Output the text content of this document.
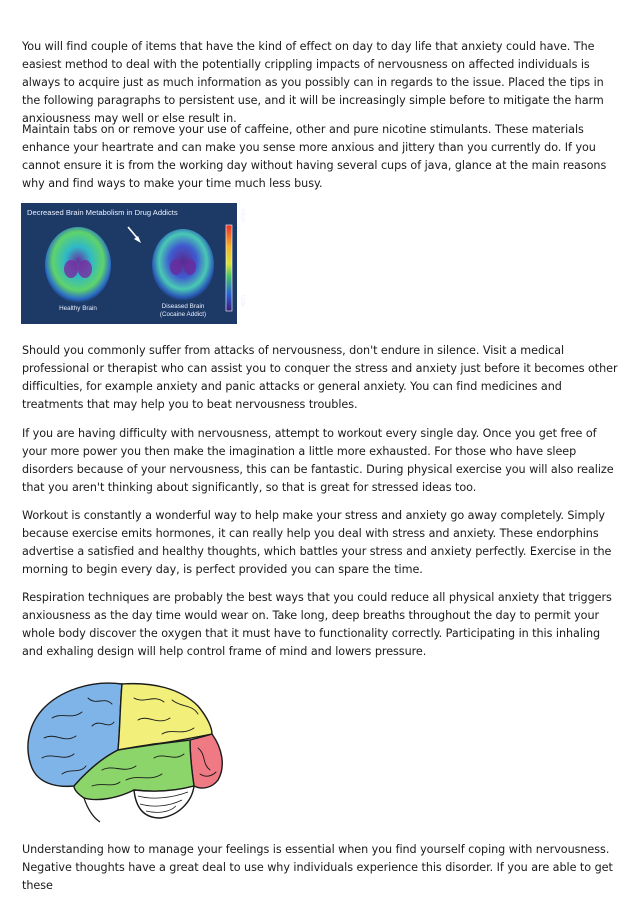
You will find couple of items that have the kind of effect on day to day life that anxiety could have. The easiest method to deal with the potentially crippling impacts of nervousness on affected individuals is always to acquire just as much information as you possibly can in regards to the issue. Placed the tips in the following paragraphs to persistent use, and it will be increasingly simple before to mitigate the harm anxiousness may well or else result in.

Maintain tabs on or remove your use of caffeine, other and pure nicotine stimulants. These materials enhance your heartrate and can make you sense more anxious and jittery than you currently do. If you cannot ensure it is from the working day without having several cups of java, glance at the main reasons why and find ways to make your time much less busy.

Should you commonly suffer from attacks of nervousness, don't endure in silence. Visit a medical professional or therapist who can assist you to conquer the stress and anxiety just before it becomes other difficulties, for example anxiety and panic attacks or general anxiety. You can find medicines and treatments that may help you to beat nervousness troubles.

If you are having difficulty with nervousness, attempt to workout every single day. Once you get free of your more power you then make the imagination a little more exhausted. For those who have sleep disorders because of your nervousness, this can be fantastic. During physical exercise you will also realize that you aren't thinking about significantly, so that is great for stressed ideas too.

Workout is constantly a wonderful way to help make your stress and anxiety go away completely. Simply because exercise emits hormones, it can really help you deal with stress and anxiety. These endorphins advertise a satisfied and healthy thoughts, which battles your stress and anxiety perfectly. Exercise in the morning to begin every day, is perfect provided you can spare the time.

Respiration techniques are probably the best ways that you could reduce all physical anxiety that triggers anxiousness as the day time would wear on. Take long, deep breaths throughout the day to permit your whole body discover the oxygen that it must have to functionality correctly. Participating in this inhaling and exhaling design will help control frame of mind and lowers pressure.

Understanding how to manage your feelings is essential when you find yourself coping with nervousness. Negative thoughts have a great deal to use why individuals experience this disorder. If you are able to get these

Decreased Brain Metabolism in Drug Addicts
Healthy Brain	Diseased Brain
(Cocaine Addict)
HIGH
LOW
